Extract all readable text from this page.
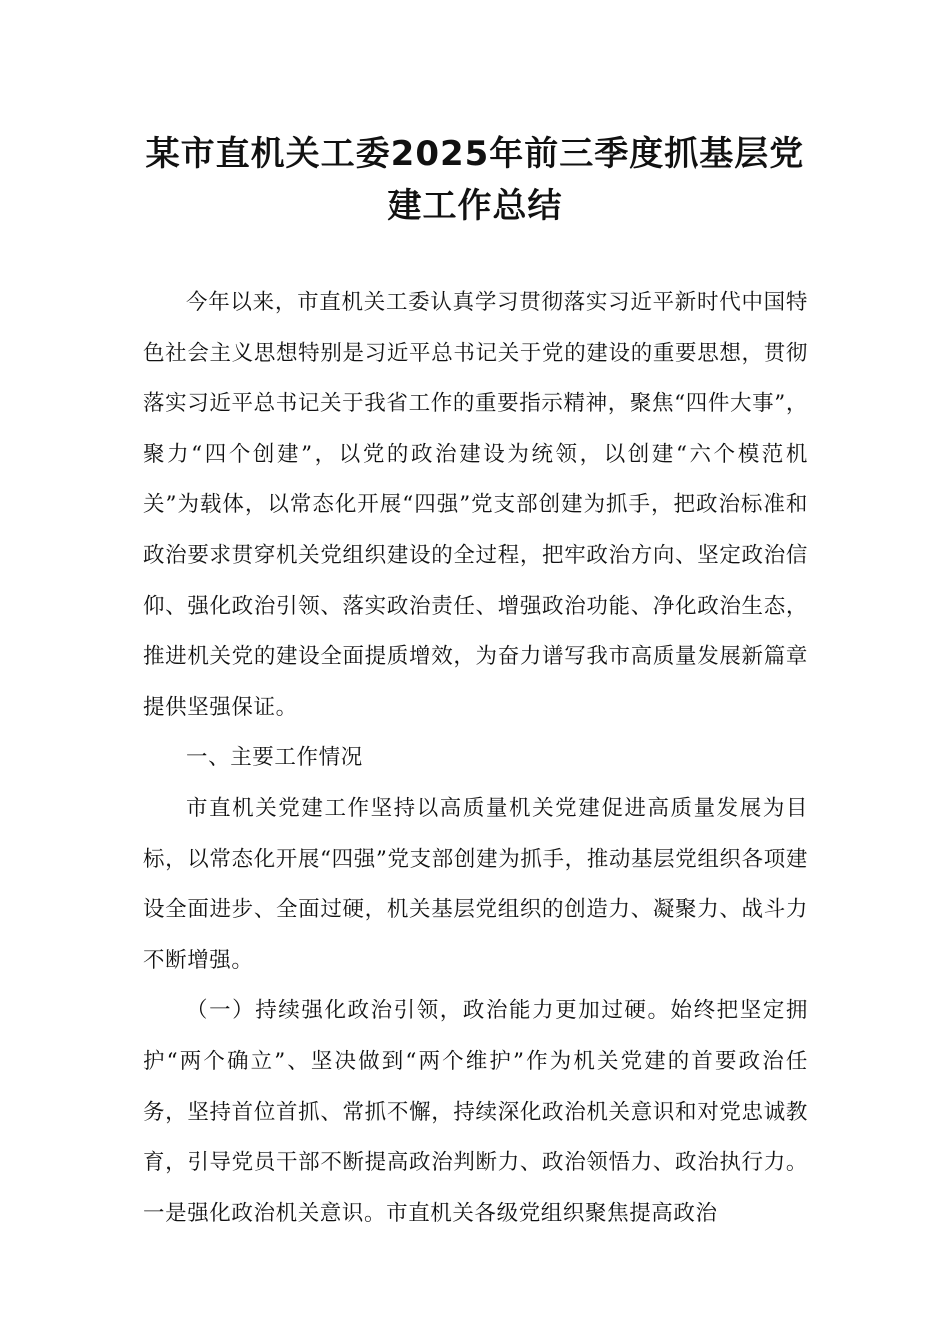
某市直机关工委2025年前三季度抓基层党
建工作总结

今年以来，市直机关工委认真学习贯彻落实习近平新时代中国特色社会主义思想特别是习近平总书记关于党的建设的重要思想，贯彻落实习近平总书记关于我省工作的重要指示精神，聚焦“四件大事”，聚力“四个创建”，以党的政治建设为统领，以创建“六个模范机关”为载体，以常态化开展“四强”党支部创建为抓手，把政治标准和政治要求贯穿机关党组织建设的全过程，把牢政治方向、坚定政治信仰、强化政治引领、落实政治责任、增强政治功能、净化政治生态，推进机关党的建设全面提质增效，为奋力谱写我市高质量发展新篇章提供坚强保证。

一、主要工作情况

市直机关党建工作坚持以高质量机关党建促进高质量发展为目标，以常态化开展“四强”党支部创建为抓手，推动基层党组织各项建设全面进步、全面过硬，机关基层党组织的创造力、凝聚力、战斗力不断增强。

（一）持续强化政治引领，政治能力更加过硬。始终把坚定拥护“两个确立”、坚决做到“两个维护”作为机关党建的首要政治任务，坚持首位首抓、常抓不懈，持续深化政治机关意识和对党忠诚教育，引导党员干部不断提高政治判断力、政治领悟力、政治执行力。一是强化政治机关意识。市直机关各级党组织聚焦提高政治
